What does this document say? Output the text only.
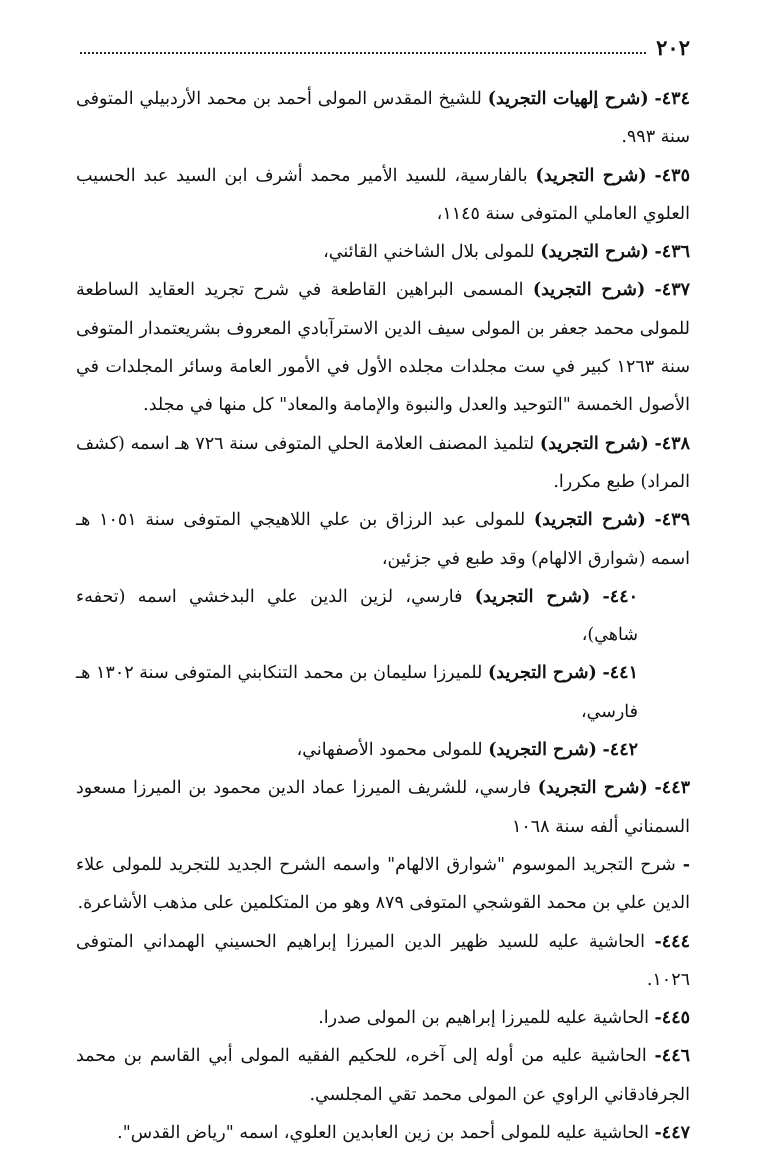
٢٠٢

٤٣٤- (شرح إلهيات التجريد) للشيخ المقدس المولى أحمد بن محمد الأردبيلي المتوفى سنة ٩٩٣.

٤٣٥- (شرح التجريد) بالفارسية، للسيد الأمير محمد أشرف ابن السيد عبد الحسيب العلوي العاملي المتوفى سنة ١١٤٥،

٤٣٦- (شرح التجريد) للمولى بلال الشاخني القائني،

٤٣٧- (شرح التجريد) المسمى البراهين القاطعة في شرح تجريد العقايد الساطعة للمولى محمد جعفر بن المولى سيف الدين الاسترآبادي المعروف بشريعتمدار المتوفى سنة ١٢٦٣ كبير في ست مجلدات مجلده الأول في الأمور العامة وسائر المجلدات في الأصول الخمسة "التوحيد والعدل والنبوة والإمامة والمعاد" كل منها في مجلد.

٤٣٨- (شرح التجريد) لتلميذ المصنف العلامة الحلي المتوفى سنة ٧٢٦ هـ اسمه (كشف المراد) طبع مكررا.

٤٣٩- (شرح التجريد) للمولى عبد الرزاق بن علي اللاهيجي المتوفى سنة ١٠٥١ هـ اسمه (شوارق الالهام) وقد طبع في جزئين،

٤٤٠- (شرح التجريد) فارسي، لزين الدين علي البدخشي اسمه (تحفهء شاهي)،

٤٤١- (شرح التجريد) للميرزا سليمان بن محمد التنكابني المتوفى سنة ١٣٠٢ هـ فارسي،

٤٤٢- (شرح التجريد) للمولى محمود الأصفهاني،

٤٤٣- (شرح التجريد) فارسي، للشريف الميرزا عماد الدين محمود بن الميرزا مسعود السمناني ألفه سنة ١٠٦٨

- شرح التجريد الموسوم "شوارق الالهام" واسمه الشرح الجديد للتجريد للمولى علاء الدين علي بن محمد القوشجي المتوفى ٨٧٩ وهو من المتكلمين على مذهب الأشاعرة.

٤٤٤- الحاشية عليه للسيد ظهير الدين الميرزا إبراهيم الحسيني الهمداني المتوفى ١٠٢٦.

٤٤٥- الحاشية عليه للميرزا إبراهيم بن المولى صدرا.

٤٤٦- الحاشية عليه من أوله إلى آخره، للحكيم الفقيه المولى أبي القاسم بن محمد الجرفادقاني الراوي عن المولى محمد تقي المجلسي.

٤٤٧- الحاشية عليه للمولى أحمد بن زين العابدين العلوي، اسمه "رياض القدس".
